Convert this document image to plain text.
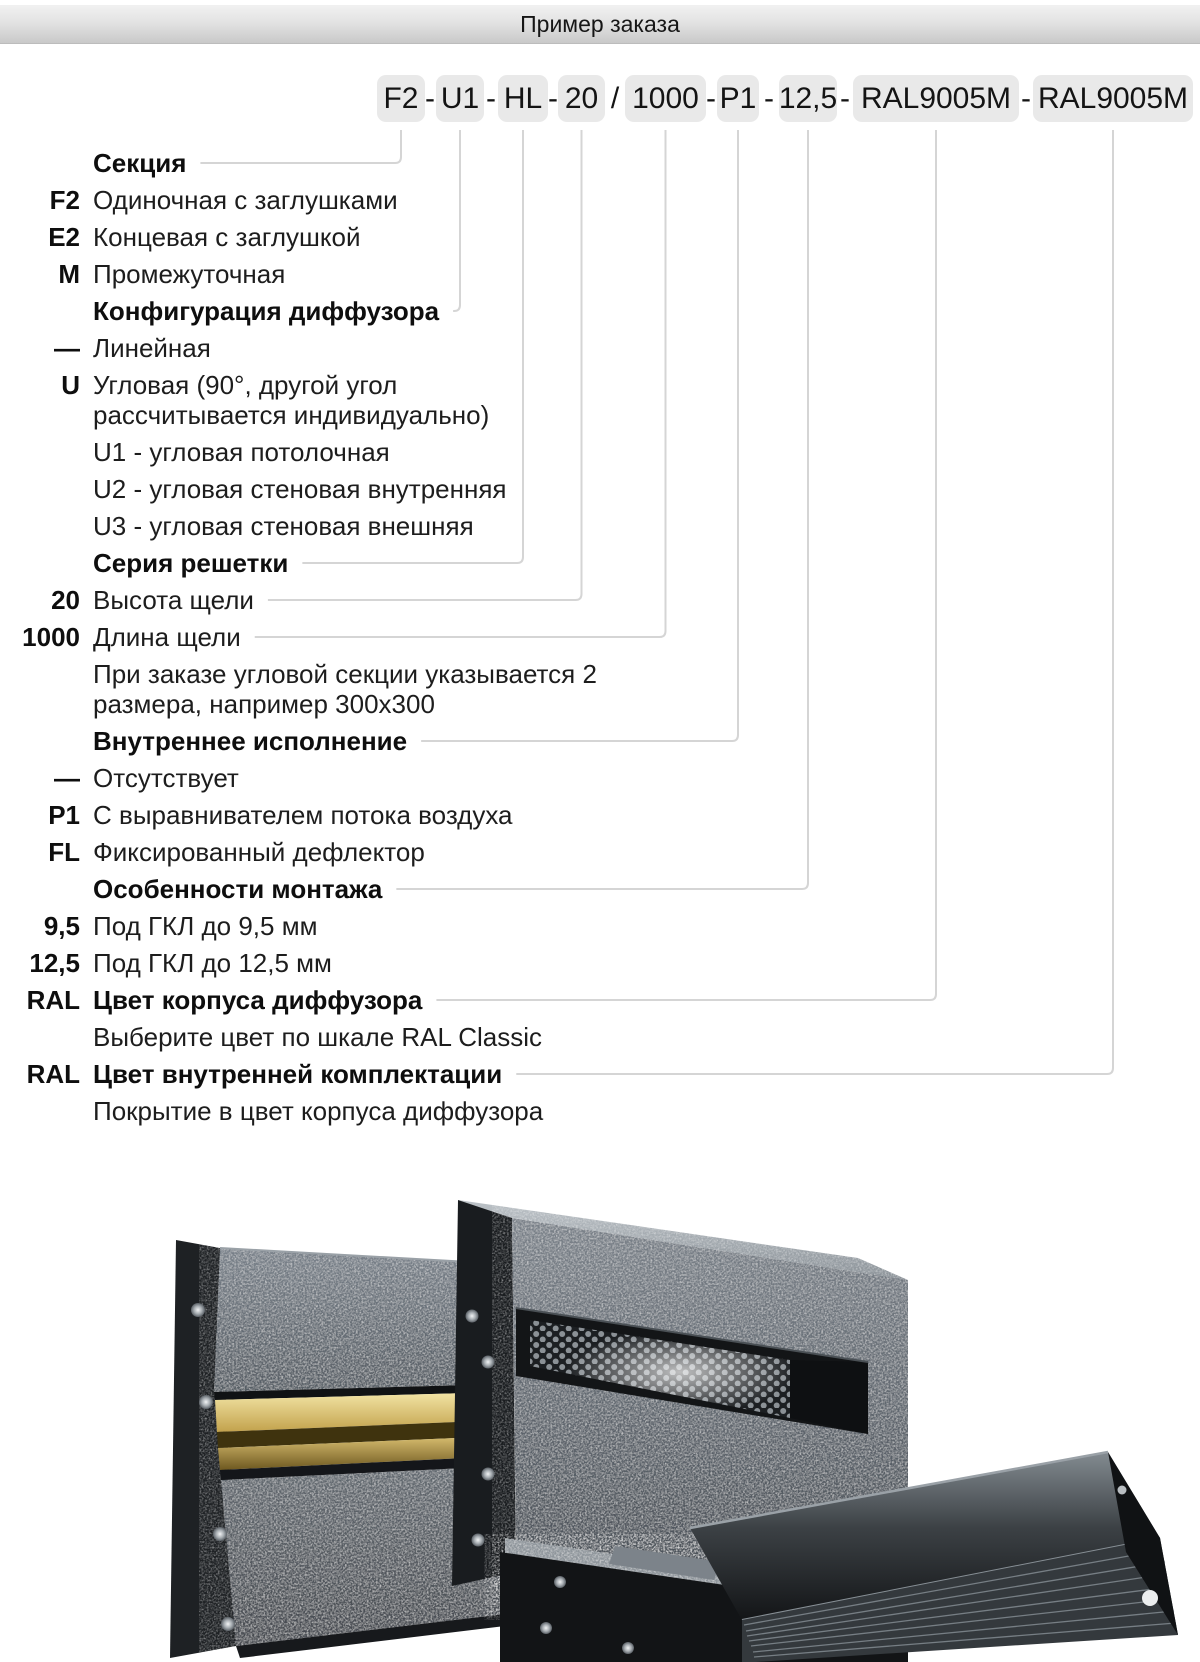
Пример заказа
F2 U1 HL 20 1000 P1 12,5 RAL9005M RAL9005M
- - - /	- - -	-
Секция
F2 Одиночная с заглушками
E2 Концевая с заглушкой
M Промежуточная
Конфигурация диффузора
— Линейная
U Угловая (90°, другой угол
рассчитывается индивидуально)
U1 - угловая потолочная
U2 - угловая стеновая внутренняя
U3 - угловая стеновая внешняя
Серия решетки
20 Высота щели
1000 Длина щели
При заказе угловой секции указывается 2
размера, например 300х300
Внутреннее исполнение
— Отсутствует
P1 С выравнивателем потока воздуха
FL Фиксированный дефлектор
Особенности монтажа
9,5 Под ГКЛ до 9,5 мм
12,5 Под ГКЛ до 12,5 мм
RAL Цвет корпуса диффузора
Выберите цвет по шкале RAL Classic
RAL Цвет внутренней комплектации
Покрытие в цвет корпуса диффузора
